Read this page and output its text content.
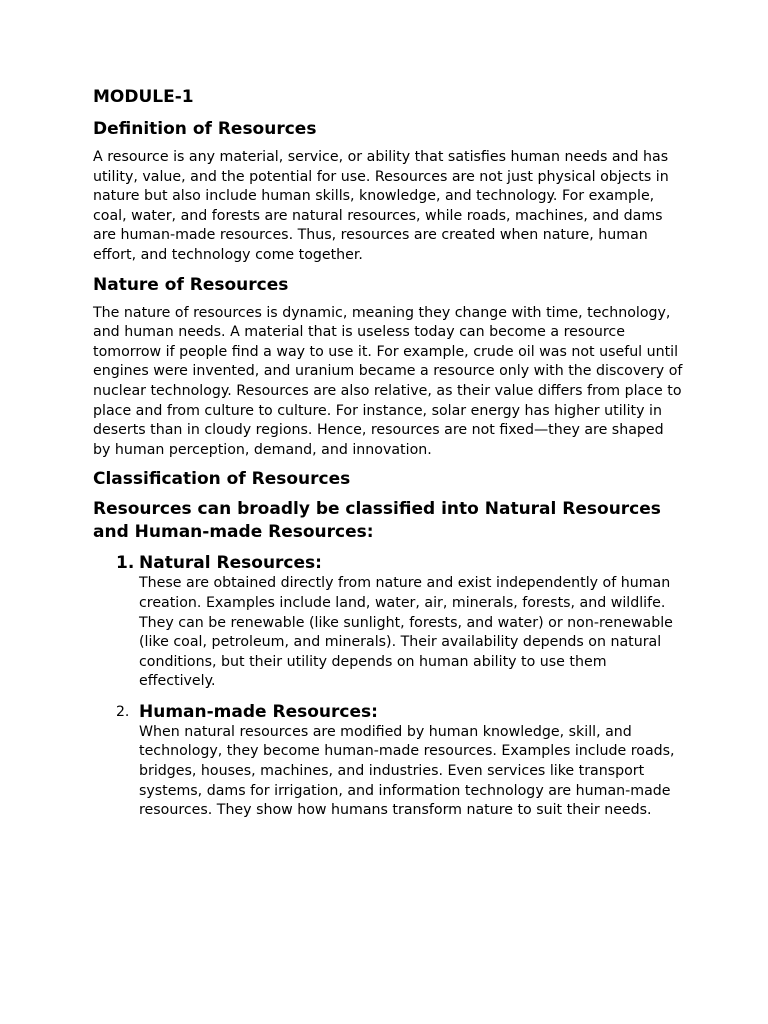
MODULE-1
Definition of Resources

A resource is any material, service, or ability that satisfies human needs and has utility, value, and the potential for use. Resources are not just physical objects in nature but also include human skills, knowledge, and technology. For example, coal, water, and forests are natural resources, while roads, machines, and dams are human-made resources. Thus, resources are created when nature, human effort, and technology come together.

Nature of Resources

The nature of resources is dynamic, meaning they change with time, technology, and human needs. A material that is useless today can become a resource tomorrow if people find a way to use it. For example, crude oil was not useful until engines were invented, and uranium became a resource only with the discovery of nuclear technology. Resources are also relative, as their value differs from place to place and from culture to culture. For instance, solar energy has higher utility in deserts than in cloudy regions. Hence, resources are not fixed—they are shaped by human perception, demand, and innovation.

Classification of Resources
Resources can broadly be classified into Natural Resources and Human-made Resources:
1. Natural Resources:
These are obtained directly from nature and exist independently of human creation. Examples include land, water, air, minerals, forests, and wildlife. They can be renewable (like sunlight, forests, and water) or non-renewable (like coal, petroleum, and minerals). Their availability depends on natural conditions, but their utility depends on human ability to use them effectively.
2. Human-made Resources:
When natural resources are modified by human knowledge, skill, and technology, they become human-made resources. Examples include roads, bridges, houses, machines, and industries. Even services like transport systems, dams for irrigation, and information technology are human-made resources. They show how humans transform nature to suit their needs.
